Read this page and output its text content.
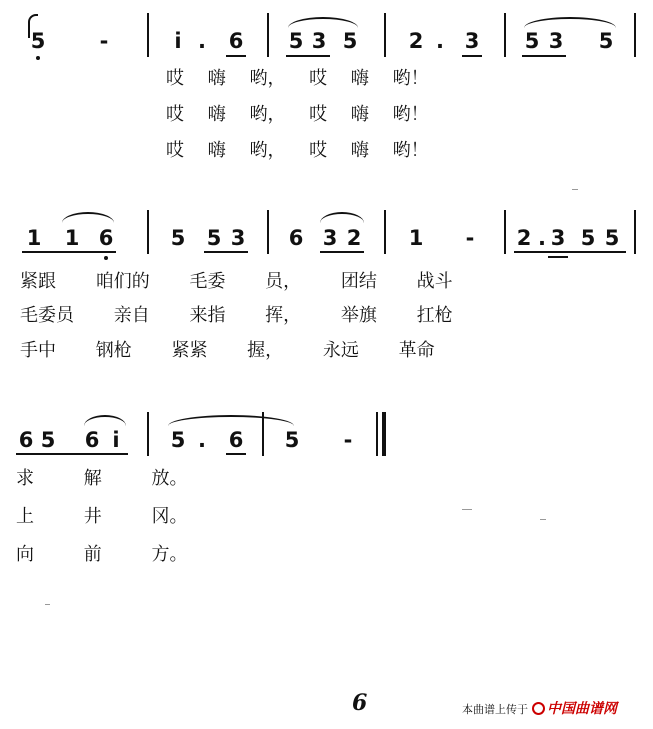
5	-	i .	6 5 3 5 2 . 3 5 3 5
哎 嗨 哟， 哎 嗨 哟！
哎 嗨 哟， 哎 嗨 哟！
哎 嗨 哟， 哎 嗨 哟！
1 1 6	5 5 3 6 3 2 1	-	2 . 3 5 5
紧跟 咱们的 毛委 员， 团结 战斗
毛委员 亲自 来指 挥， 举旗 扛枪
手中 钢枪 紧紧 握， 永远 革命
6 5 6 i	5 .	6 5	-
求 解 放。
上 井 冈。
向 前 方。
6	本曲谱上传于 中国曲谱网
